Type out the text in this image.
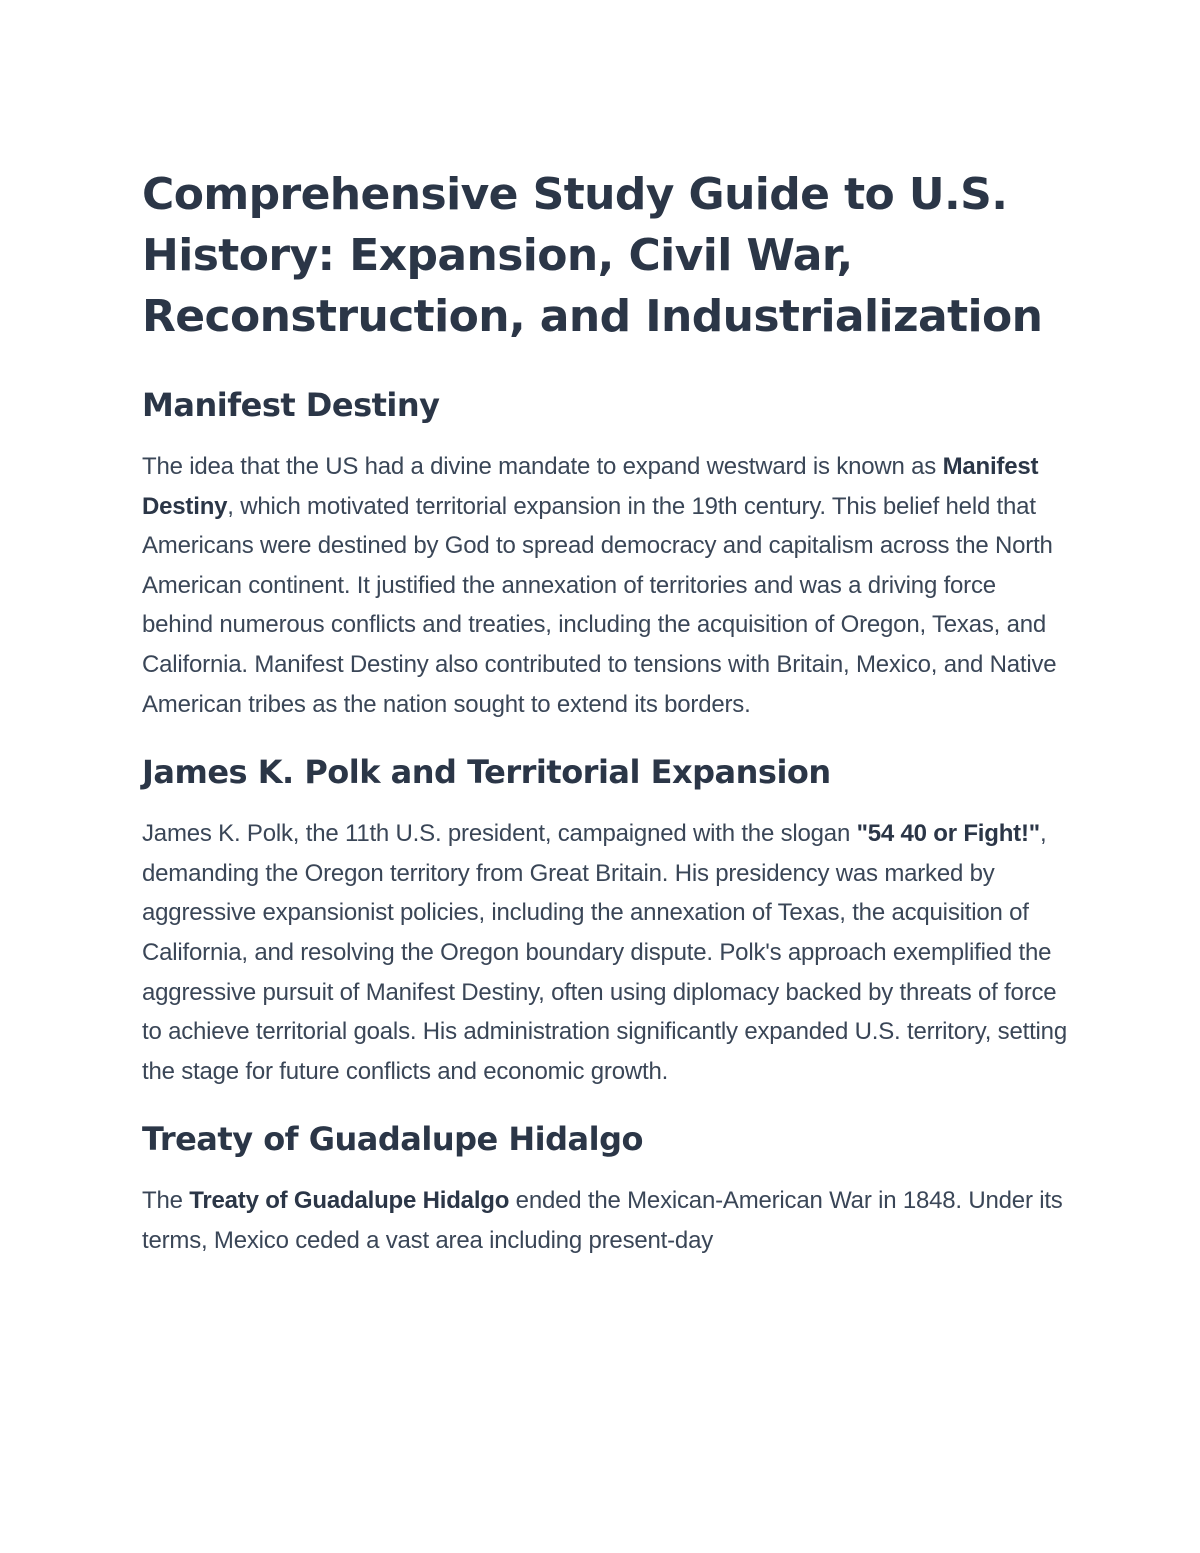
Comprehensive Study Guide to U.S. History: Expansion, Civil War, Reconstruction, and Industrialization
Manifest Destiny

The idea that the US had a divine mandate to expand westward is known as Manifest Destiny, which motivated territorial expansion in the 19th century. This belief held that Americans were destined by God to spread democracy and capitalism across the North American continent. It justified the annexation of territories and was a driving force behind numerous conflicts and treaties, including the acquisition of Oregon, Texas, and California. Manifest Destiny also contributed to tensions with Britain, Mexico, and Native American tribes as the nation sought to extend its borders.

James K. Polk and Territorial Expansion

James K. Polk, the 11th U.S. president, campaigned with the slogan "54 40 or Fight!", demanding the Oregon territory from Great Britain. His presidency was marked by aggressive expansionist policies, including the annexation of Texas, the acquisition of California, and resolving the Oregon boundary dispute. Polk's approach exemplified the aggressive pursuit of Manifest Destiny, often using diplomacy backed by threats of force to achieve territorial goals. His administration significantly expanded U.S. territory, setting the stage for future conflicts and economic growth.

Treaty of Guadalupe Hidalgo

The Treaty of Guadalupe Hidalgo ended the Mexican-American War in 1848. Under its terms, Mexico ceded a vast area including present-day
